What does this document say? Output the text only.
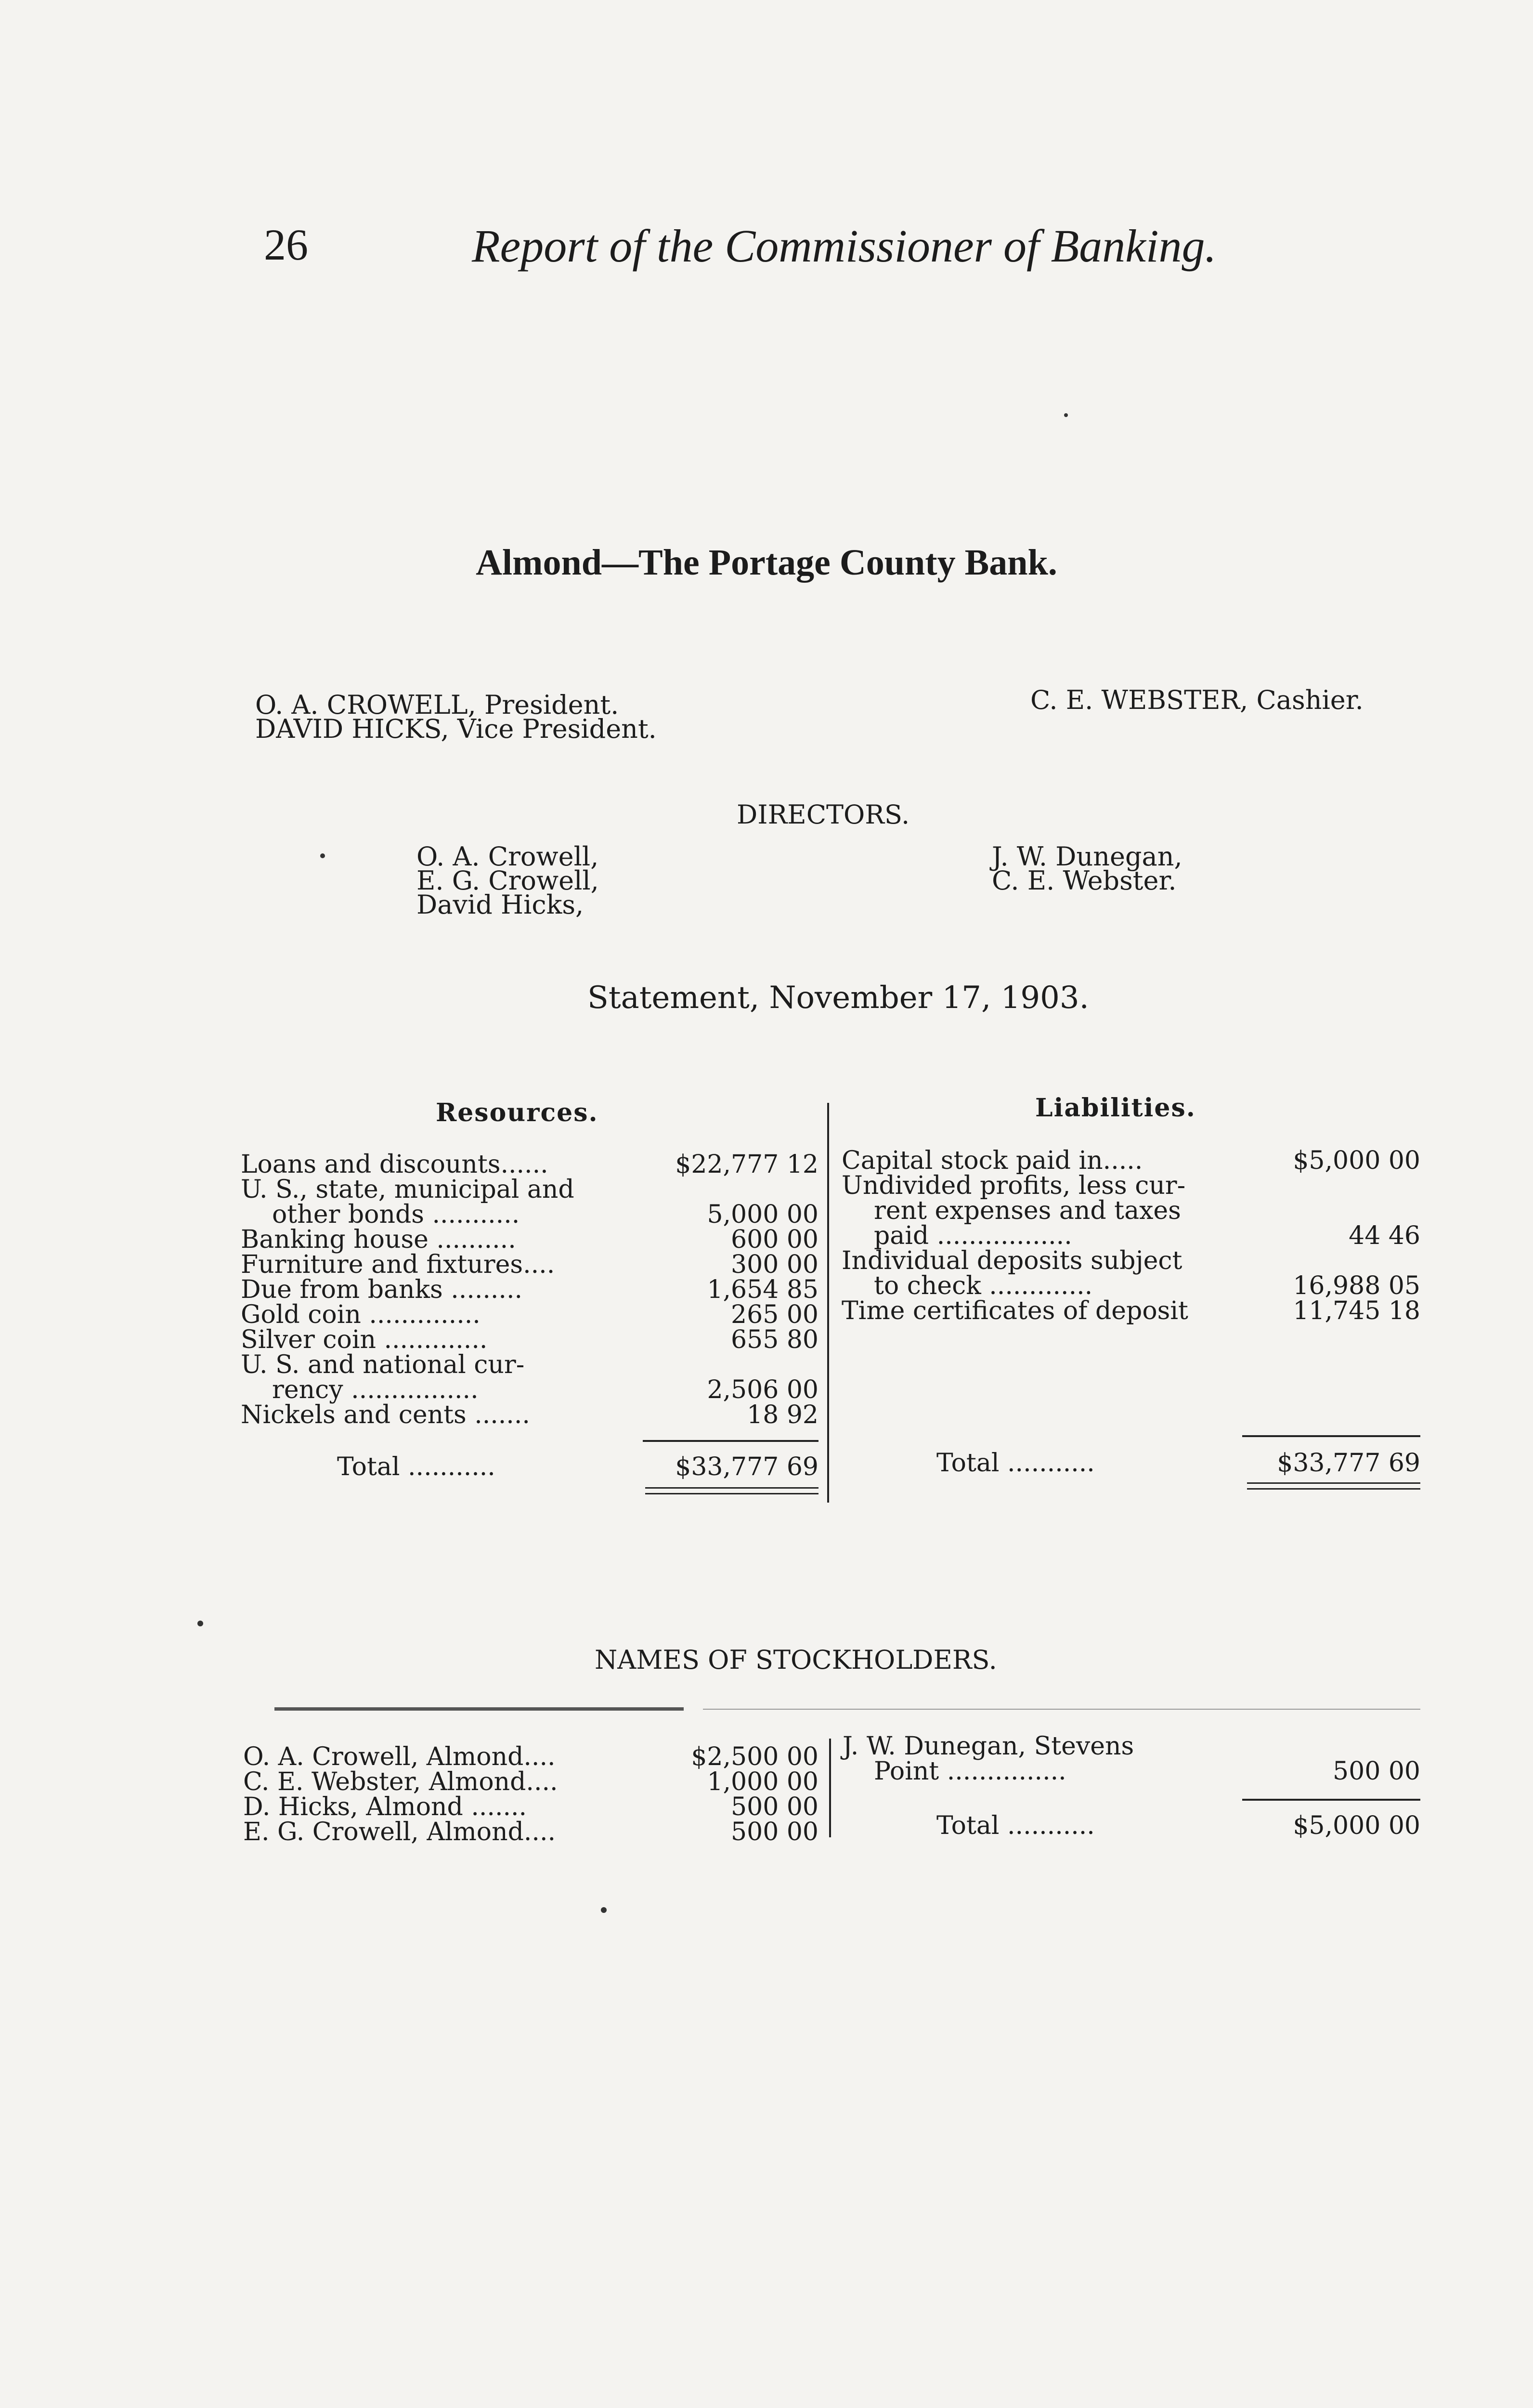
26	Report of the Commissioner of Banking.
Almond—The Portage County Bank.
O. A. CROWELL, President.
DAVID HICKS, Vice President.
C. E. WEBSTER, Cashier.
DIRECTORS.
O. A. Crowell,
E. G. Crowell,
David Hicks,
J. W. Dunegan,
C. E. Webster.
Statement, November 17, 1903.
Resources.	Liabilities.
Loans and discounts......	$22,777 12
U. S., state, municipal and
other bonds ...........	5,000 00
Banking house ..........	600 00
Furniture and fixtures....	300 00
Due from banks .........	1,654 85
Gold coin ..............	265 00
Silver coin .............	655 80
U. S. and national cur-
rency ................	2,506 00
Nickels and cents .......	18 92
Capital stock paid in.....	$5,000 00
Undivided profits, less cur-
rent expenses and taxes
paid .................	44 46
Individual deposits subject
to check .............	16,988 05
Time certificates of deposit	11,745 18
Total ...........	$33,777 69	Total ...........	$33,777 69
NAMES OF STOCKHOLDERS.
O. A. Crowell, Almond....	$2,500 00
C. E. Webster, Almond....	1,000 00
D. Hicks, Almond .......	500 00
E. G. Crowell, Almond....	500 00
J. W. Dunegan, Stevens
Point ...............	500 00
Total ...........	$5,000 00
